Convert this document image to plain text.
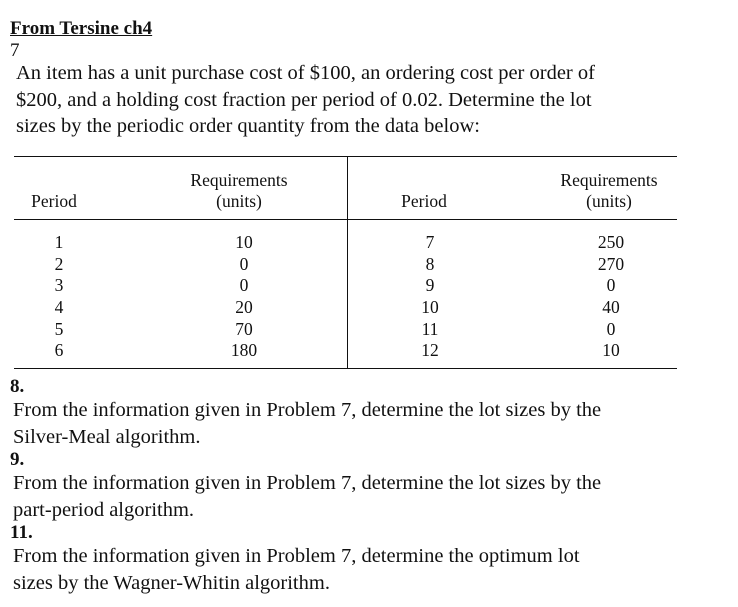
From Tersine ch4
7
An item has a unit purchase cost of $100, an ordering cost per order of
$200, and a holding cost fraction per period of 0.02. Determine the lot
sizes by the periodic order quantity from the data below:
Period
Requirements
(units)	Period
Requirements
(units)
1
2
3
4
5
6
10
0
0
20
70
180
7
8
9
10
11
12
250
270
0
40
0
10
8.
From the information given in Problem 7, determine the lot sizes by the
Silver-Meal algorithm.
9.
From the information given in Problem 7, determine the lot sizes by the
part-period algorithm.
11.
From the information given in Problem 7, determine the optimum lot
sizes by the Wagner-Whitin algorithm.
